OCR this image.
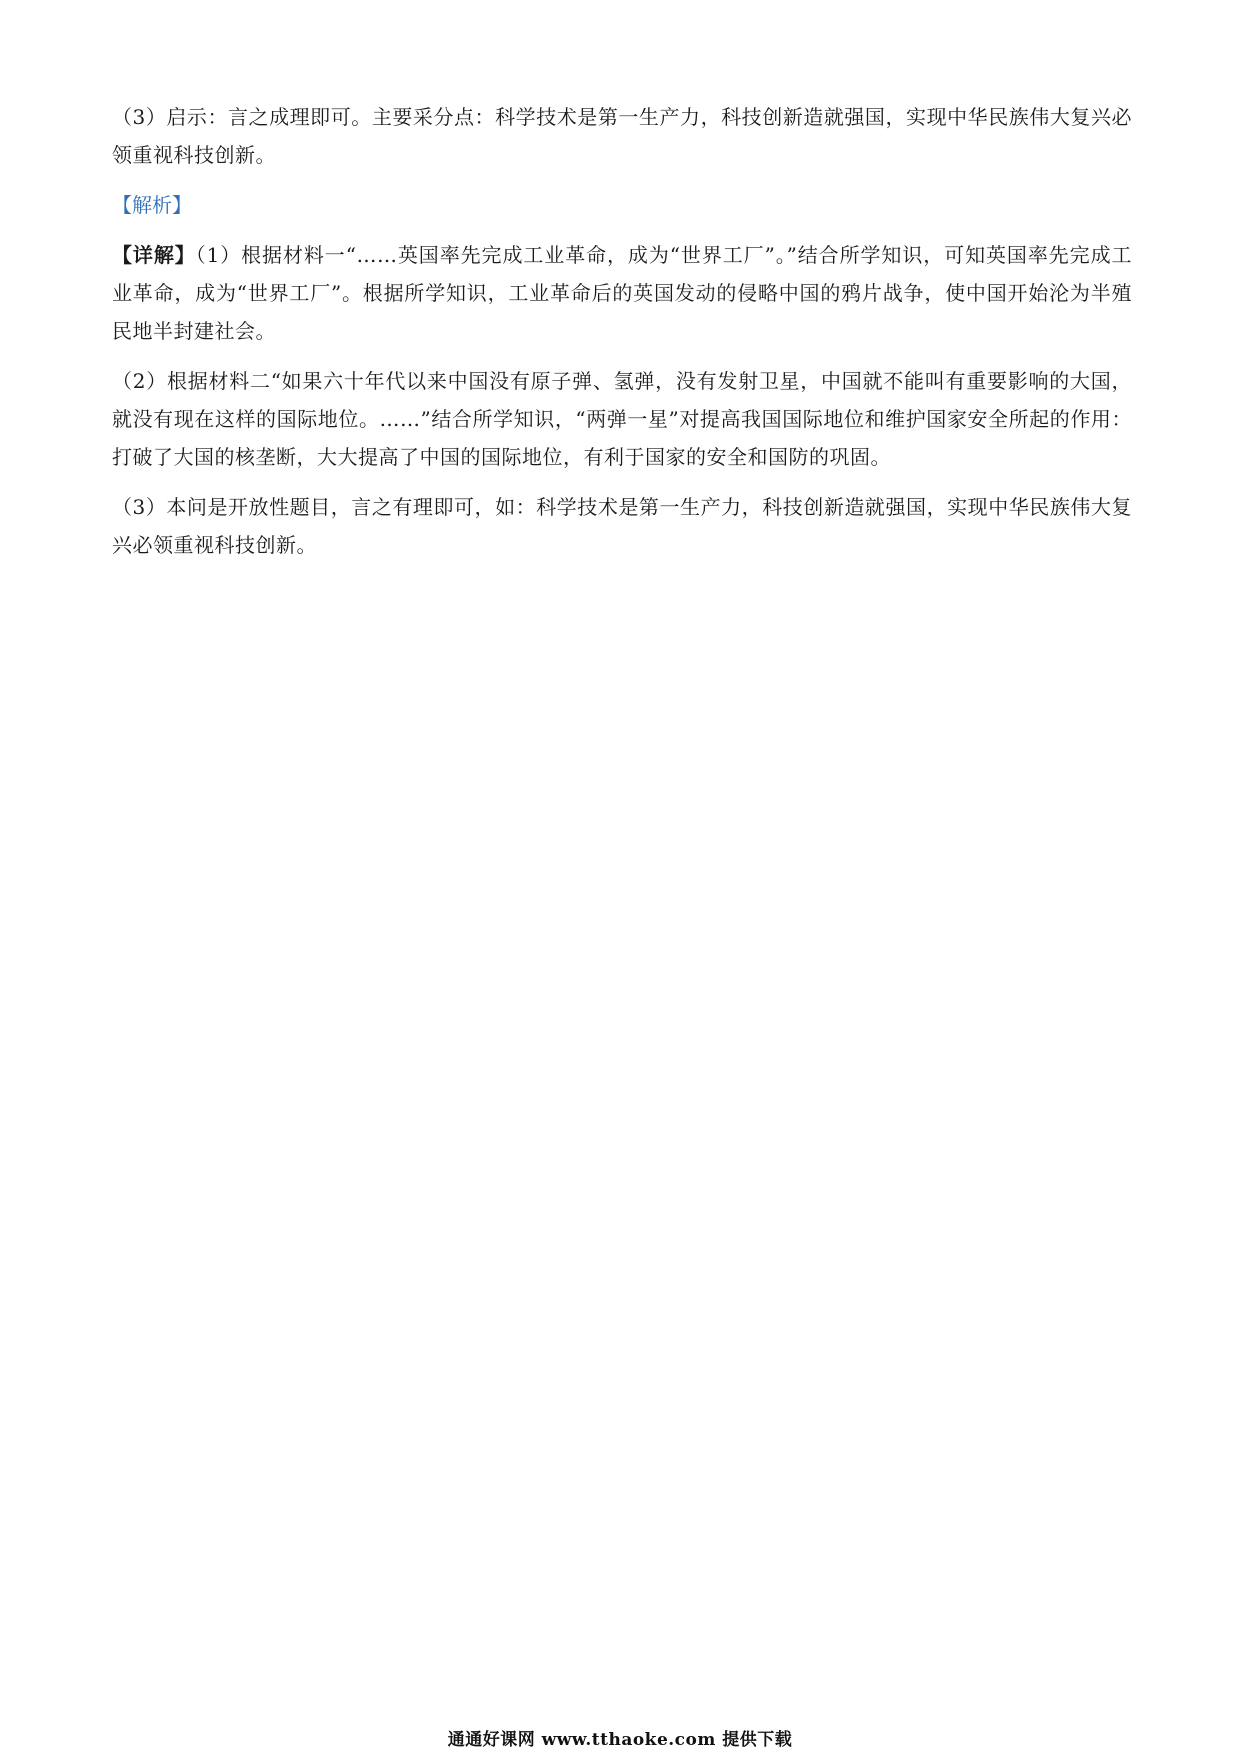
（3）启示：言之成理即可。主要采分点：科学技术是第一生产力，科技创新造就强国，实现中华民族伟大复兴必领重视科技创新。

【解析】

【详解】（1）根据材料一“……英国率先完成工业革命，成为“世界工厂”。”结合所学知识，可知英国率先完成工业革命，成为“世界工厂”。根据所学知识，工业革命后的英国发动的侵略中国的鸦片战争，使中国开始沦为半殖民地半封建社会。

（2）根据材料二“如果六十年代以来中国没有原子弹、氢弹，没有发射卫星，中国就不能叫有重要影响的大国，就没有现在这样的国际地位。……”结合所学知识，“两弹一星”对提高我国国际地位和维护国家安全所起的作用：打破了大国的核垄断，大大提高了中国的国际地位，有利于国家的安全和国防的巩固。

（3）本问是开放性题目，言之有理即可，如：科学技术是第一生产力，科技创新造就强国，实现中华民族伟大复兴必领重视科技创新。

通通好课网 www.tthaoke.com 提供下载
